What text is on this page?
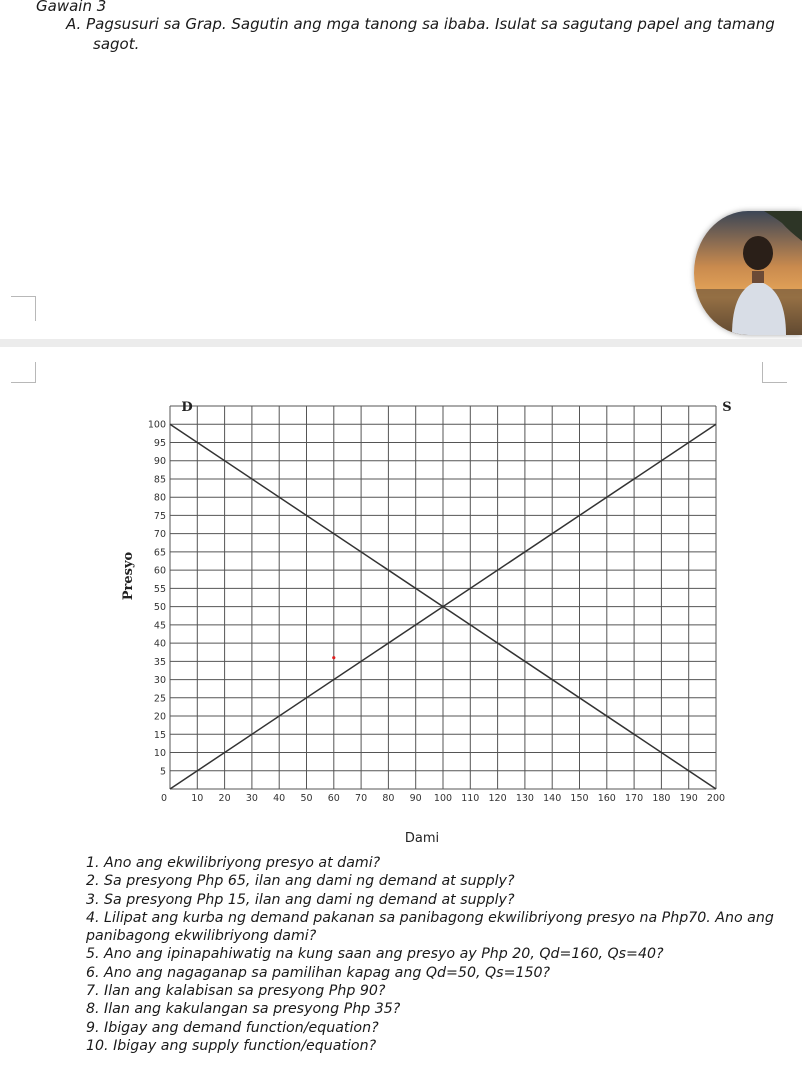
Gawain 3
A. Pagsusuri sa Grap. Sagutin ang mga tanong sa ibaba. Isulat sa sagutang papel ang tamang
sagot.
0	10 20 30 40 50 60 70 80 90 100 110 120 130 140 150 160 170 180 190 200
5
10
15
20
25
30
35
40
45
50
55
60
65
70
75
80
85
90
95
100
D	S
Presyo
Dami
1. Ano ang ekwilibriyong presyo at dami?
2. Sa presyong Php 65, ilan ang dami ng demand at supply?
3. Sa presyong Php 15, ilan ang dami ng demand at supply?
4. Lilipat ang kurba ng demand pakanan sa panibagong ekwilibriyong presyo na Php70. Ano ang panibagong ekwilibriyong dami?
5. Ano ang ipinapahiwatig na kung saan ang presyo ay Php 20, Qd=160, Qs=40?
6. Ano ang nagaganap sa pamilihan kapag ang Qd=50, Qs=150?
7. Ilan ang kalabisan sa presyong Php 90?
8. Ilan ang kakulangan sa presyong Php 35?
9. Ibigay ang demand function/equation?
10. Ibigay ang supply function/equation?
